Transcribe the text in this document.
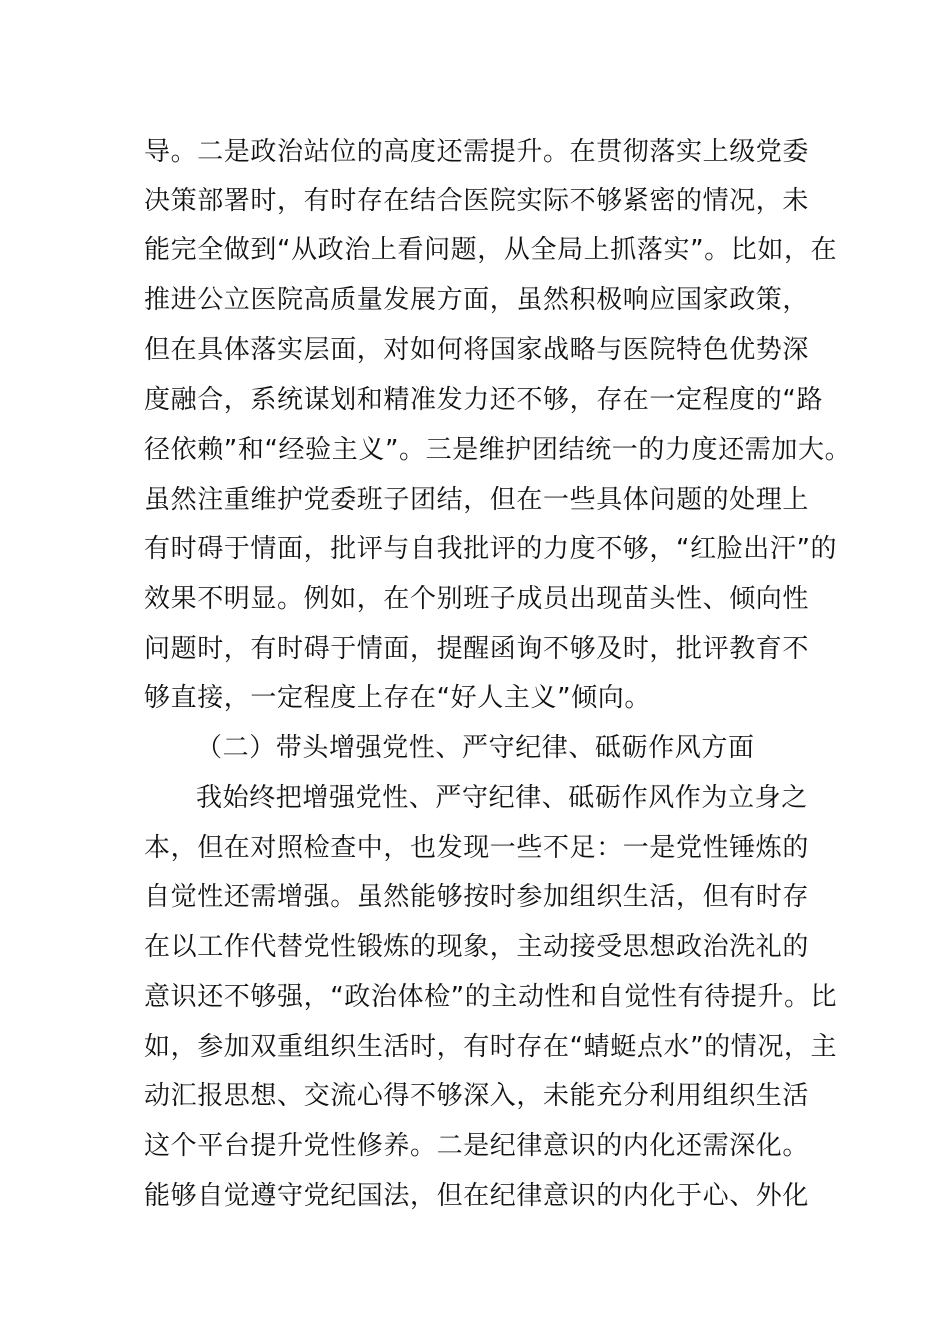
导。二是政治站位的高度还需提升。在贯彻落实上级党委
决策部署时，有时存在结合医院实际不够紧密的情况，未
能完全做到“从政治上看问题，从全局上抓落实”。比如，在
推进公立医院高质量发展方面，虽然积极响应国家政策，
但在具体落实层面，对如何将国家战略与医院特色优势深
度融合，系统谋划和精准发力还不够，存在一定程度的“路
径依赖”和“经验主义”。三是维护团结统一的力度还需加大。
虽然注重维护党委班子团结，但在一些具体问题的处理上
有时碍于情面，批评与自我批评的力度不够，“红脸出汗”的
效果不明显。例如，在个别班子成员出现苗头性、倾向性
问题时，有时碍于情面，提醒函询不够及时，批评教育不
够直接，一定程度上存在“好人主义”倾向。
（二）带头增强党性、严守纪律、砥砺作风方面
我始终把增强党性、严守纪律、砥砺作风作为立身之
本，但在对照检查中，也发现一些不足：一是党性锤炼的
自觉性还需增强。虽然能够按时参加组织生活，但有时存
在以工作代替党性锻炼的现象，主动接受思想政治洗礼的
意识还不够强，“政治体检”的主动性和自觉性有待提升。比
如，参加双重组织生活时，有时存在“蜻蜓点水”的情况，主
动汇报思想、交流心得不够深入，未能充分利用组织生活
这个平台提升党性修养。二是纪律意识的内化还需深化。
能够自觉遵守党纪国法，但在纪律意识的内化于心、外化
